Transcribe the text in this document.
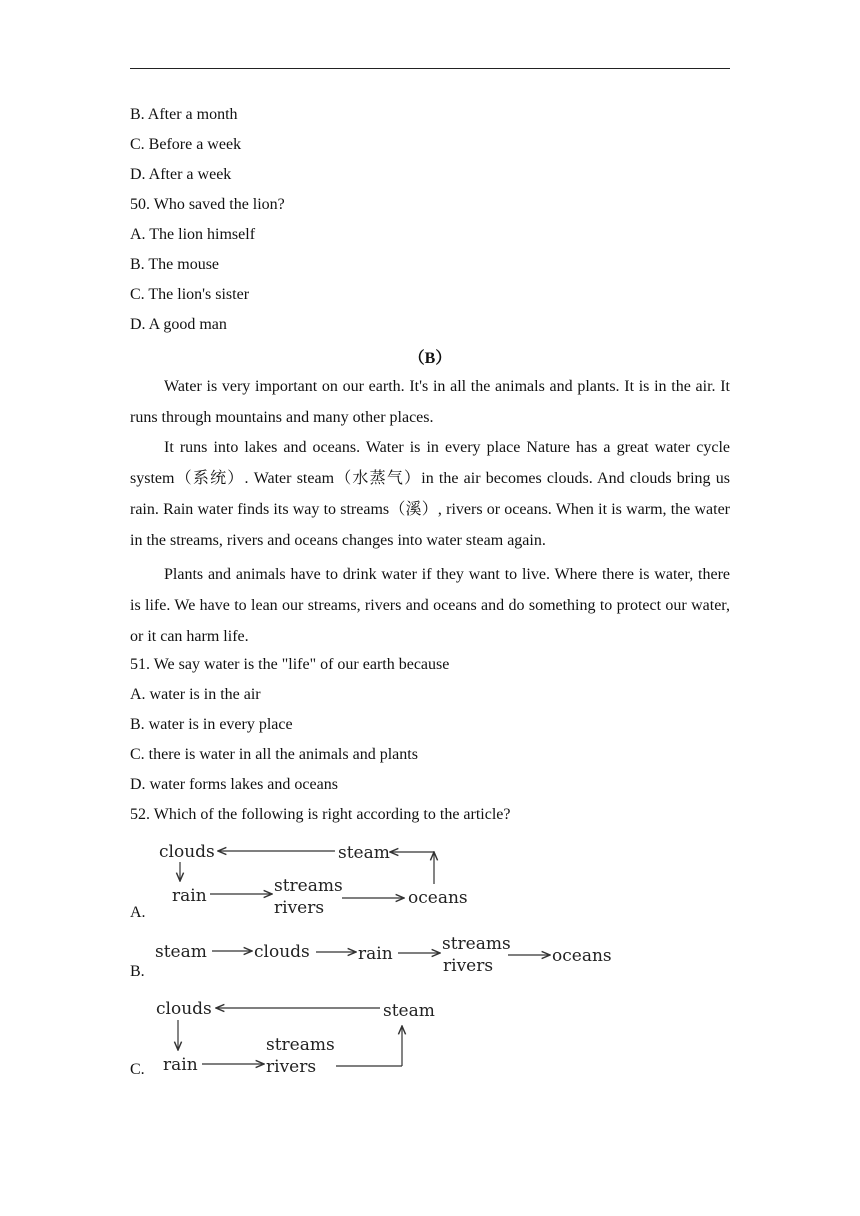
B. After a month
C. Before a week
D. After a week
50. Who saved the lion?
A. The lion himself
B. The mouse
C. The lion's sister
D. A good man
（B）

Water is very important on our earth. It's in all the animals and plants. It is in the air. It runs through mountains and many other places.

It runs into lakes and oceans. Water is in every place Nature has a great water cycle system（系统）. Water steam（水蒸气）in the air becomes clouds. And clouds bring us rain. Rain water finds its way to streams（溪）, rivers or oceans. When it is warm, the water in the streams, rivers and oceans changes into water steam again.

Plants and animals have to drink water if they want to live. Where there is water, there is life. We have to lean our streams, rivers and oceans and do something to protect our water, or it can harm life.

51. We say water is the "life" of our earth because
A. water is in the air
B. water is in every place
C. there is water in all the animals and plants
D. water forms lakes and oceans
52. Which of the following is right according to the article?
A.
clouds	steam
rain	streams
rivers	oceans
B.
steam	clouds	rain	streams
rivers	oceans
C.
clouds	steam
rain
streams
rivers
